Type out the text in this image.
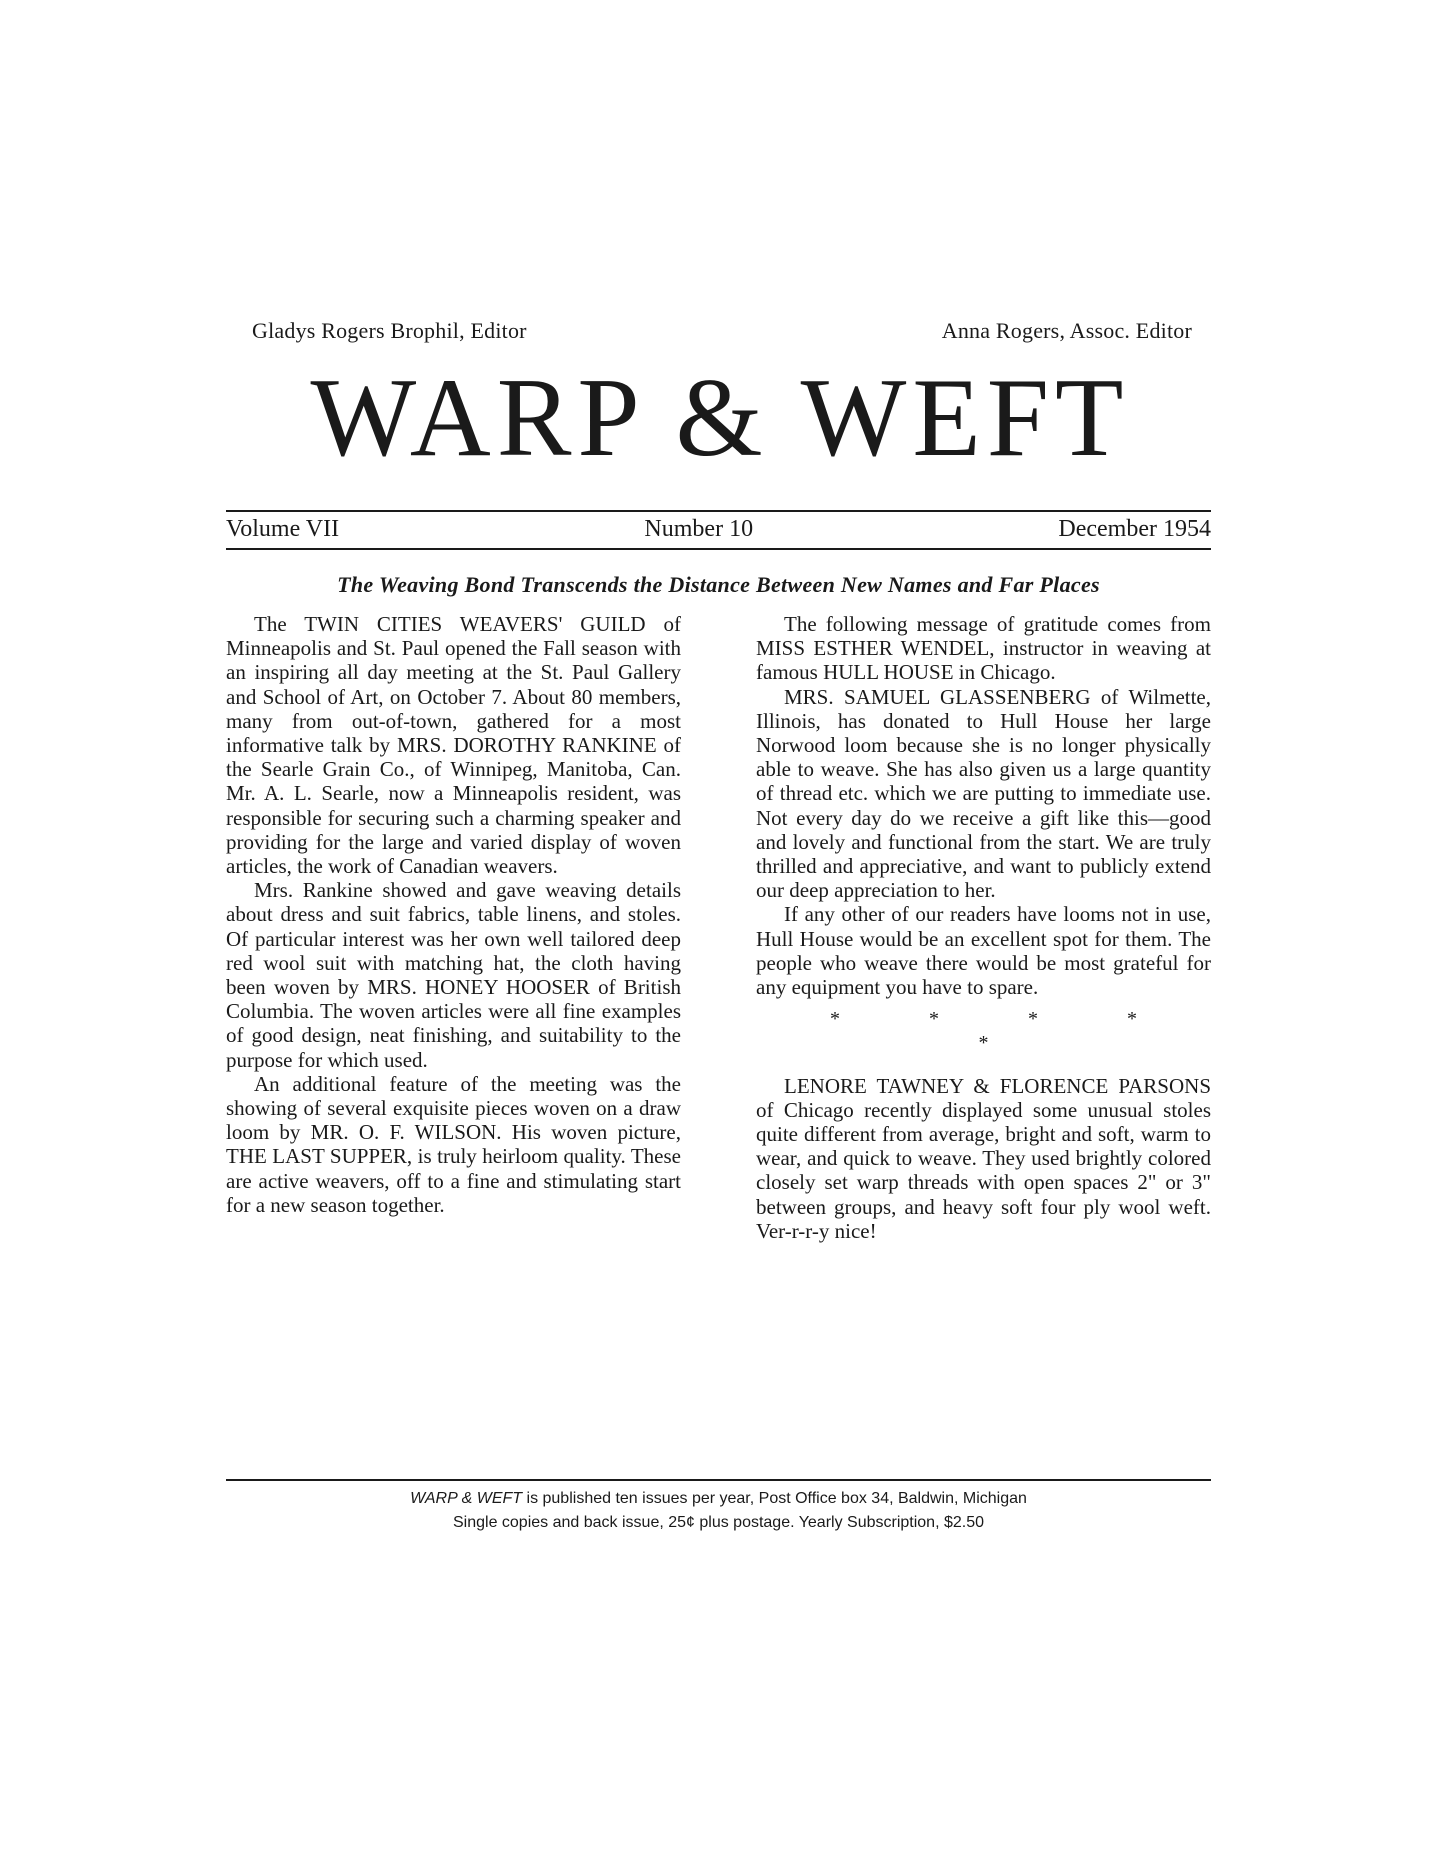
Gladys Rogers Brophil, Editor	Anna Rogers, Assoc. Editor
WARP & WEFT
Volume VII	Number 10	December 1954
The Weaving Bond Transcends the Distance Between New Names and Far Places

The TWIN CITIES WEAVERS' GUILD of Minneapolis and St. Paul opened the Fall season with an inspiring all day meeting at the St. Paul Gallery and School of Art, on October 7. About 80 members, many from out-of-town, gathered for a most informative talk by MRS. DOROTHY RANKINE of the Searle Grain Co., of Winnipeg, Manitoba, Can. Mr. A. L. Searle, now a Minneapolis resident, was responsible for securing such a charming speaker and providing for the large and varied display of woven articles, the work of Canadian weavers.

Mrs. Rankine showed and gave weaving details about dress and suit fabrics, table linens, and stoles. Of particular interest was her own well tailored deep red wool suit with matching hat, the cloth having been woven by MRS. HONEY HOOSER of British Columbia. The woven articles were all fine examples of good design, neat finishing, and suitability to the purpose for which used.

An additional feature of the meeting was the showing of several exquisite pieces woven on a draw loom by MR. O. F. WILSON. His woven picture, THE LAST SUPPER, is truly heirloom quality. These are active weavers, off to a fine and stimulating start for a new season together.

The following message of gratitude comes from MISS ESTHER WENDEL, instructor in weaving at famous HULL HOUSE in Chicago.

MRS. SAMUEL GLASSENBERG of Wilmette, Illinois, has donated to Hull House her large Norwood loom because she is no longer physically able to weave. She has also given us a large quantity of thread etc. which we are putting to immediate use. Not every day do we receive a gift like this—good and lovely and functional from the start. We are truly thrilled and appreciative, and want to publicly extend our deep appreciation to her.

If any other of our readers have looms not in use, Hull House would be an excellent spot for them. The people who weave there would be most grateful for any equipment you have to spare.

* * * * *

LENORE TAWNEY & FLORENCE PARSONS of Chicago recently displayed some unusual stoles quite different from average, bright and soft, warm to wear, and quick to weave. They used brightly colored closely set warp threads with open spaces 2" or 3" between groups, and heavy soft four ply wool weft. Ver-r-r-y nice!

WARP & WEFT is published ten issues per year, Post Office box 34, Baldwin, Michigan
Single copies and back issue, 25¢ plus postage. Yearly Subscription, $2.50
